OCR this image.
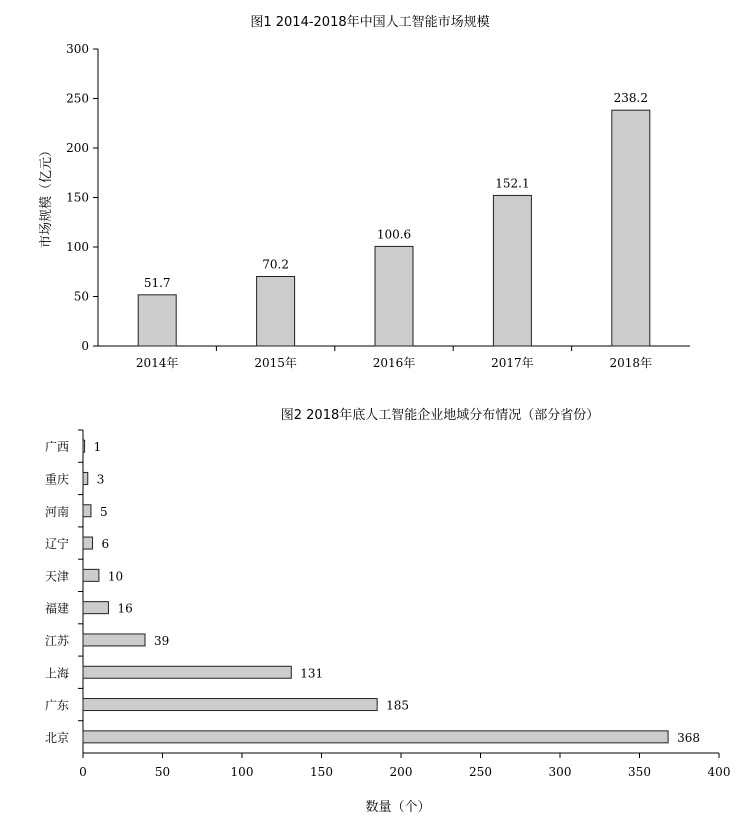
图1 2014-2018年中国人工智能市场规模
市场规模（亿元）
0
50
100
150
200
250
300
51.7
2014年
70.2
2015年
100.6
2016年
152.1
2017年
238.2
2018年
图2 2018年底人工智能企业地域分布情况（部分省份）
数量（个）
0	50	100	150	200	250	300	350	400
1
广西
3
重庆
5
河南
6
辽宁
10
天津
16
福建
39
江苏
131
上海
185
广东
368
北京
